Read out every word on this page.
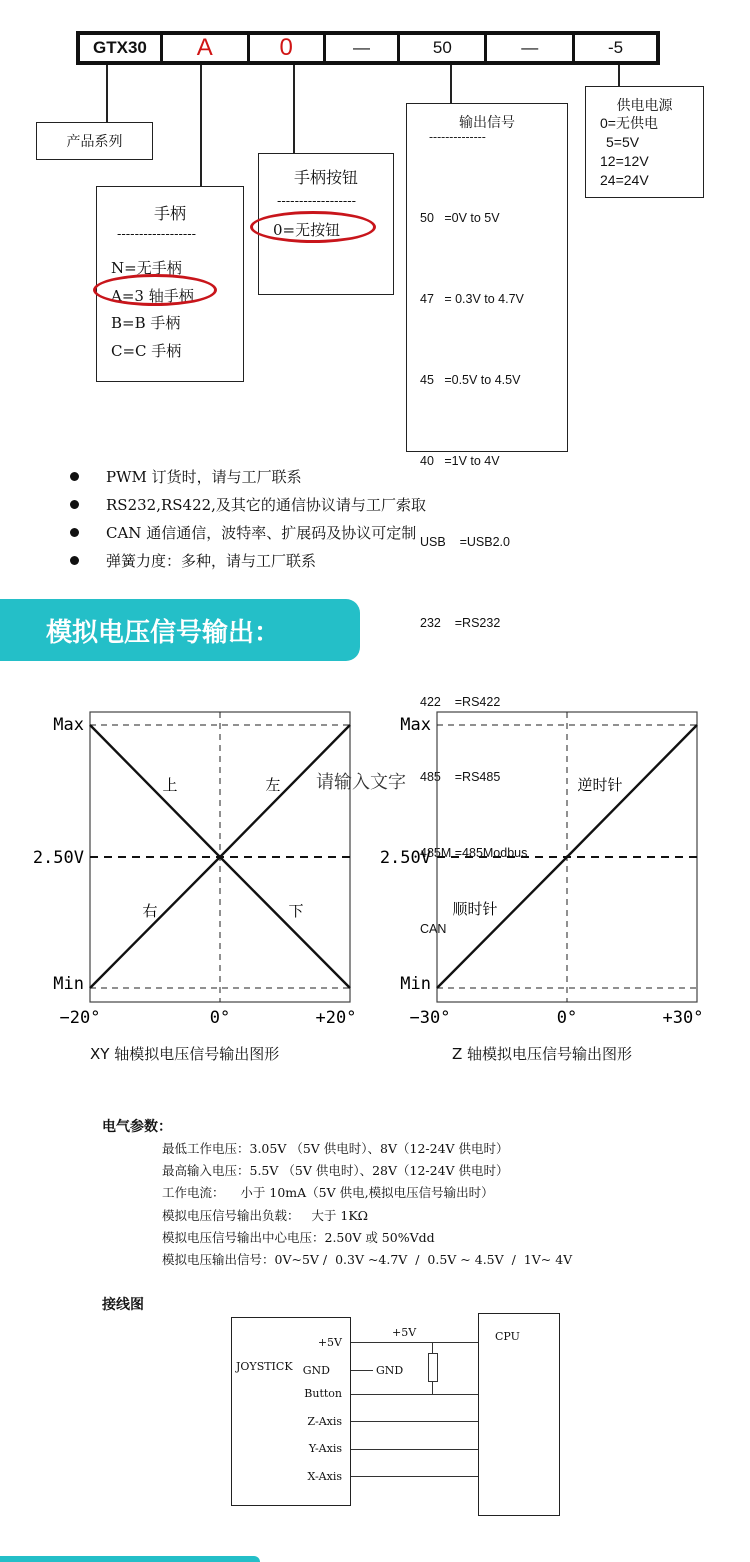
GTX30	A	0	—	50	—	-5
产品系列
手柄
------------------
N=无手柄
A=3 轴手柄
B=B 手柄
C=C 手柄
手柄按钮
------------------
0=无按钮
输出信号
--------------

50   =0V to 5V

47   = 0.3V to 4.7V

45   =0.5V to 4.5V

40   =1V to 4V

USB    =USB2.0

232    =RS232

422    =RS422

485    =RS485

485M =485Modbus

CAN

供电电源
0=无供电
5=5V
12=12V
24=24V
PWM 订货时，请与工厂联系
RS232,RS422,及其它的通信协议请与工厂索取
CAN 通信通信，波特率、扩展码及协议可定制
弹簧力度：多种，请与工厂联系
模拟电压信号输出：
Max
2.50V
Min
−20°	0°	+20°
上	左
右	下
XY 轴模拟电压信号输出图形
请输入文字
Max
2.50V
Min
−30°	0°	+30°
逆时针
顺时针
Z 轴模拟电压信号输出图形
电气参数：
最低工作电压：3.05V （5V 供电时）、8V（12-24V 供电时）
最高输入电压：5.5V （5V 供电时）、28V（12-24V 供电时）
工作电流：    小于 10mA（5V 供电,模拟电压信号输出时）
模拟电压信号输出负载：   大于 1KΩ
模拟电压信号输出中心电压：2.50V 或 50%Vdd
模拟电压输出信号：0V~5V /  0.3V ~4.7V  /  0.5V ~ 4.5V  /  1V~ 4V
接线图
JOYSTICK
+5V
GND
Button
Z-Axis
Y-Axis
X-Axis
CPU
+5V
GND
